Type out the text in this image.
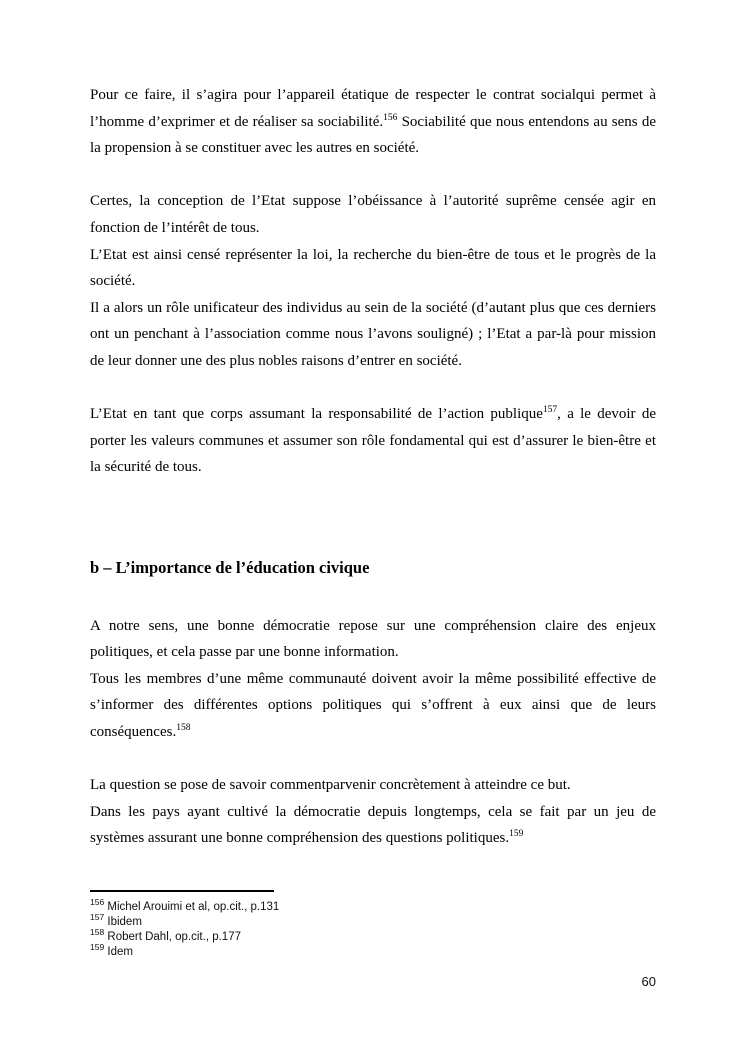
Pour ce faire, il s’agira pour l’appareil étatique de respecter le contrat socialqui permet à l’homme d’exprimer et de réaliser sa sociabilité.$^{156}$ Sociabilité que nous entendons au sens de la propension à se constituer avec les autres en société.

Certes, la conception de l’Etat suppose l’obéissance à l’autorité suprême censée agir en fonction de l’intérêt de tous.

L’Etat est ainsi censé représenter la loi, la recherche du bien-être de tous et le progrès de la société.

Il a alors un rôle unificateur des individus au sein de la société (d’autant plus que ces derniers ont un penchant à l’association comme nous l’avons souligné) ; l’Etat a par-là pour mission de leur donner une des plus nobles raisons d’entrer en société.

L’Etat en tant que corps assumant la responsabilité de l’action publique$^{157}$, a le devoir de porter les valeurs communes et assumer son rôle fondamental qui est d’assurer le bien-être et la sécurité de tous.

b – L’importance de l’éducation civique

A notre sens, une bonne démocratie repose sur une compréhension claire des enjeux politiques, et cela passe par une bonne information.

Tous les membres d’une même communauté doivent avoir la même possibilité effective de s’informer des différentes options politiques qui s’offrent à eux ainsi que de leurs conséquences.$^{158}$

La question se pose de savoir commentparvenir concrètement à atteindre ce but.

Dans les pays ayant cultivé la démocratie depuis longtemps, cela se fait par un jeu de systèmes assurant une bonne compréhension des questions politiques.$^{159}$

$^{156}$ Michel Arouimi et al, op.cit., p.131
$^{157}$ Ibidem
$^{158}$ Robert Dahl, op.cit., p.177
$^{159}$ Idem
60
